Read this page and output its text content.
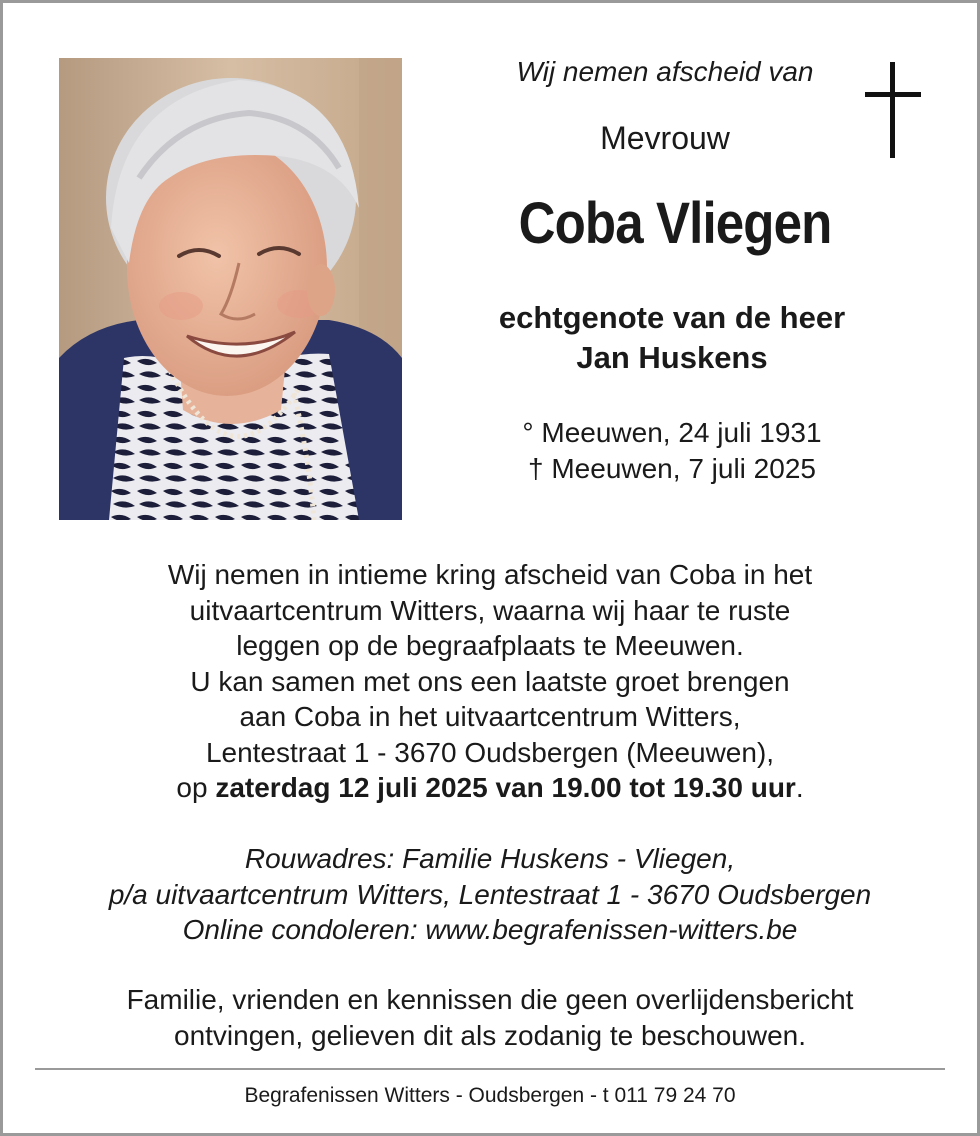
Wij nemen afscheid van
Mevrouw
Coba Vliegen
echtgenote van de heer
Jan Huskens
° Meeuwen, 24 juli 1931
† Meeuwen, 7 juli 2025
Wij nemen in intieme kring afscheid van Coba in het
uitvaartcentrum Witters, waarna wij haar te ruste
leggen op de begraafplaats te Meeuwen.
U kan samen met ons een laatste groet brengen
aan Coba in het uitvaartcentrum Witters,
Lentestraat 1 - 3670 Oudsbergen (Meeuwen),
op zaterdag 12 juli 2025 van 19.00 tot 19.30 uur.
Rouwadres: Familie Huskens - Vliegen,
p/a uitvaartcentrum Witters, Lentestraat 1 - 3670 Oudsbergen
Online condoleren: www.begrafenissen-witters.be
Familie, vrienden en kennissen die geen overlijdensbericht
ontvingen, gelieven dit als zodanig te beschouwen.
Begrafenissen Witters - Oudsbergen - t 011 79 24 70
